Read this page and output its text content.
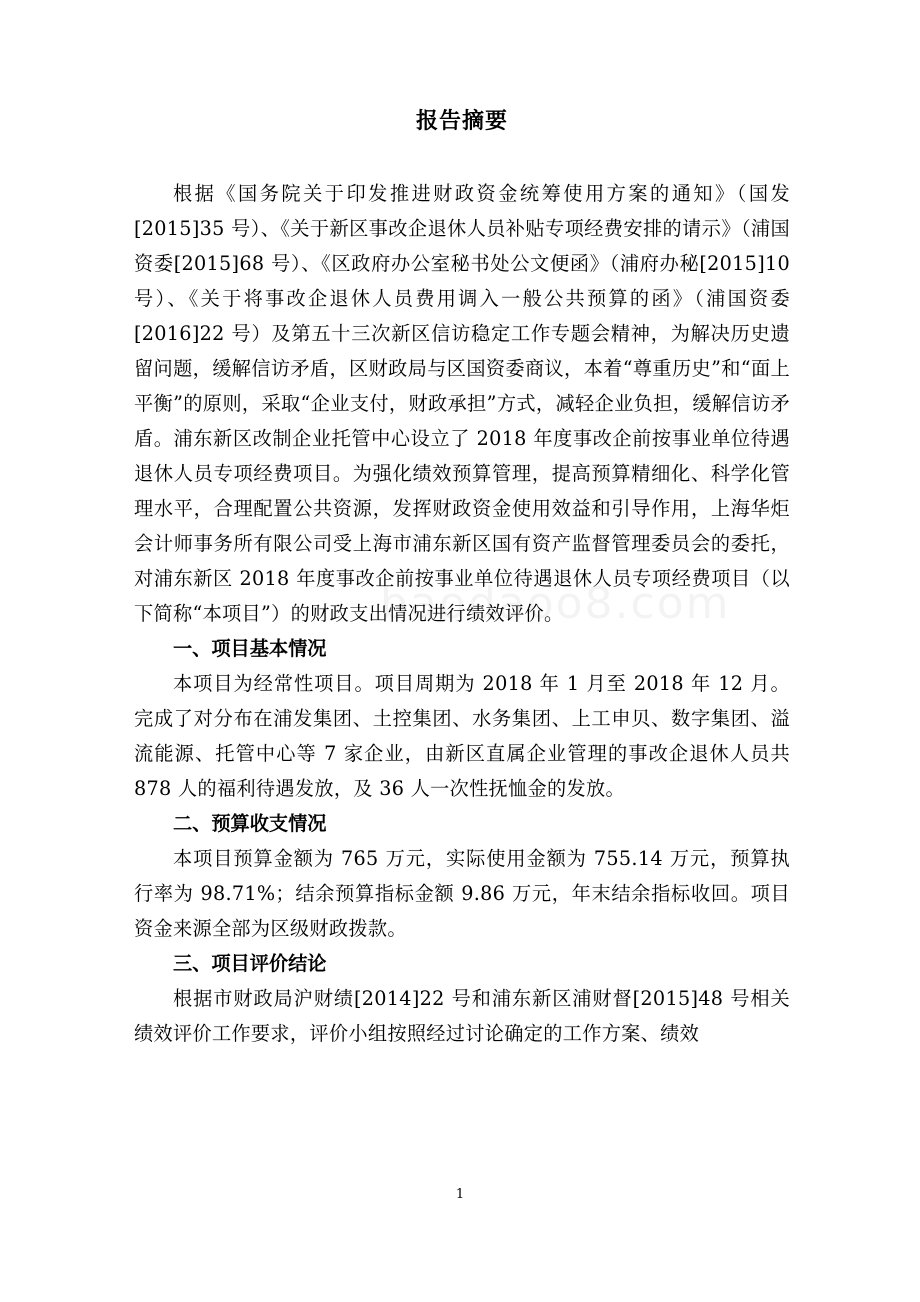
报告摘要

根据《国务院关于印发推进财政资金统筹使用方案的通知》（国发[2015]35 号）、《关于新区事改企退休人员补贴专项经费安排的请示》（浦国资委[2015]68 号）、《区政府办公室秘书处公文便函》（浦府办秘[2015]10 号）、《关于将事改企退休人员费用调入一般公共预算的函》（浦国资委[2016]22 号）及第五十三次新区信访稳定工作专题会精神，为解决历史遗留问题，缓解信访矛盾，区财政局与区国资委商议，本着“尊重历史”和“面上平衡”的原则，采取“企业支付，财政承担”方式，减轻企业负担，缓解信访矛盾。浦东新区改制企业托管中心设立了 2018 年度事改企前按事业单位待遇退休人员专项经费项目。为强化绩效预算管理，提高预算精细化、科学化管理水平，合理配置公共资源，发挥财政资金使用效益和引导作用，上海华炬会计师事务所有限公司受上海市浦东新区国有资产监督管理委员会的委托，对浦东新区 2018 年度事改企前按事业单位待遇退休人员专项经费项目（以下简称“本项目”）的财政支出情况进行绩效评价。

一、项目基本情况

本项目为经常性项目。项目周期为 2018 年 1 月至 2018 年 12 月。完成了对分布在浦发集团、土控集团、水务集团、上工申贝、数字集团、溢流能源、托管中心等 7 家企业，由新区直属企业管理的事改企退休人员共 878 人的福利待遇发放，及 36 人一次性抚恤金的发放。

二、预算收支情况

本项目预算金额为 765 万元，实际使用金额为 755.14 万元，预算执行率为 98.71%；结余预算指标金额 9.86 万元，年末结余指标收回。项目资金来源全部为区级财政拨款。

三、项目评价结论

根据市财政局沪财绩[2014]22 号和浦东新区浦财督[2015]48 号相关绩效评价工作要求，评价小组按照经过讨论确定的工作方案、绩效

1
